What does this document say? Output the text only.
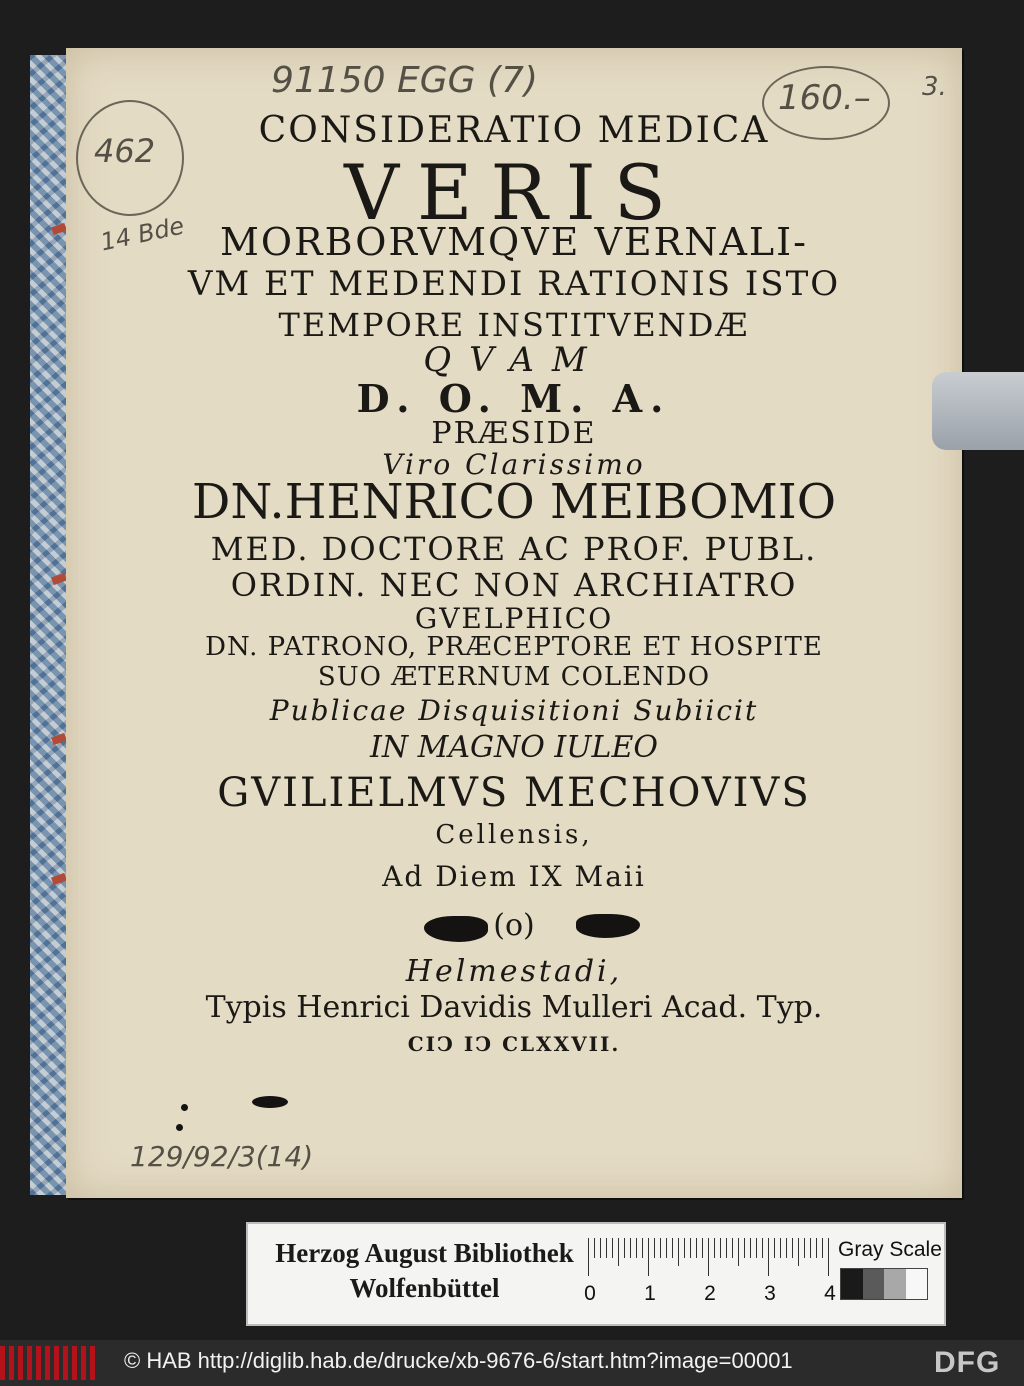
91150 EGG (7)	160.– 3.
462
14 Bde
129/92/3(14)
CONSIDERATIO MEDICA
VERIS
MORBORVMQVE VERNALI-
VM ET MEDENDI RATIONIS ISTO
TEMPORE INSTITVENDÆ
QVAM
D. O. M. A.
PRÆSIDE
Viro Clarissimo
DN.HENRICO MEIBOMIO
MED. DOCTORE AC PROF. PUBL.
ORDIN. NEC NON ARCHIATRO
GVELPHICO
DN. PATRONO, PRÆCEPTORE ET HOSPITE
SUO ÆTERNUM COLENDO
Publicae Disquisitioni Subiicit
IN MAGNO IULEO
GVILIELMVS MECHOVIVS
Cellensis,
Ad Diem IX Maii
(o)
Helmestadi,
Typis Henrici Davidis Mulleri Acad. Typ.
CIↃ IↃ CLXXVII.
Herzog August Bibliothek
Wolfenbüttel	0 1 2 3 4
Gray Scale
© HAB http://diglib.hab.de/drucke/xb-9676-6/start.htm?image=00001	DFG
